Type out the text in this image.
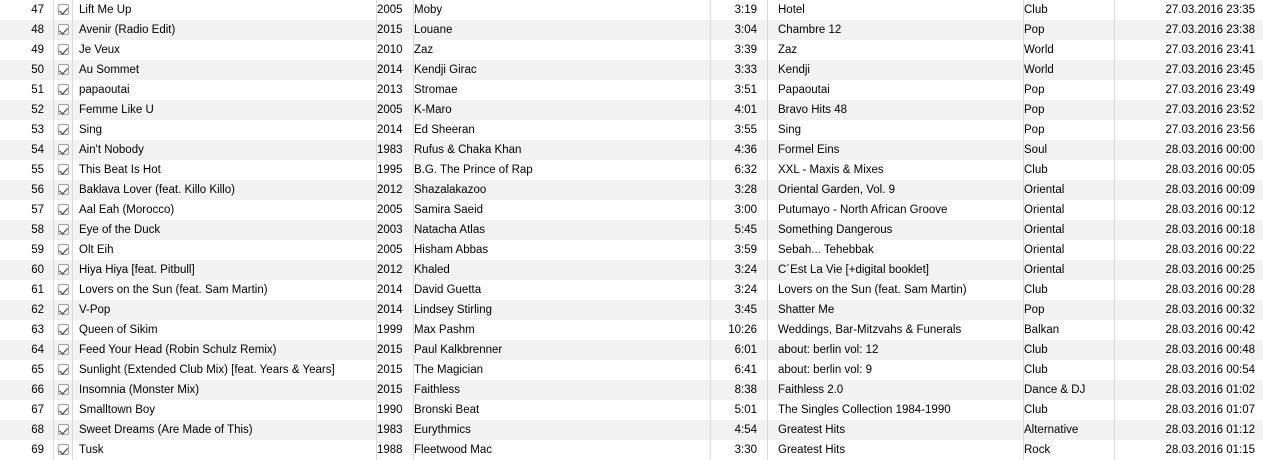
47		Lift Me Up	2005	Moby	3:19	Hotel	Club	27.03.2016 23:35
48		Avenir (Radio Edit)	2015	Louane	3:04	Chambre 12	Pop	27.03.2016 23:38
49		Je Veux	2010	Zaz	3:39	Zaz	World	27.03.2016 23:41
50		Au Sommet	2014	Kendji Girac	3:33	Kendji	World	27.03.2016 23:45
51		papaoutai	2013	Stromae	3:51	Papaoutai	Pop	27.03.2016 23:49
52		Femme Like U	2005	K-Maro	4:01	Bravo Hits 48	Pop	27.03.2016 23:52
53		Sing	2014	Ed Sheeran	3:55	Sing	Pop	27.03.2016 23:56
54		Ain't Nobody	1983	Rufus & Chaka Khan	4:36	Formel Eins	Soul	28.03.2016 00:00
55		This Beat Is Hot	1995	B.G. The Prince of Rap	6:32	XXL - Maxis & Mixes	Club	28.03.2016 00:05
56		Baklava Lover (feat. Killo Killo)	2012	Shazalakazoo	3:28	Oriental Garden, Vol. 9	Oriental	28.03.2016 00:09
57		Aal Eah (Morocco)	2005	Samira Saeid	3:00	Putumayo - North African Groove	Oriental	28.03.2016 00:12
58		Eye of the Duck	2003	Natacha Atlas	5:45	Something Dangerous	Oriental	28.03.2016 00:18
59		Olt Eih	2005	Hisham Abbas	3:59	Sebah... Tehebbak	Oriental	28.03.2016 00:22
60		Hiya Hiya [feat. Pitbull]	2012	Khaled	3:24	C´Est La Vie [+digital booklet]	Oriental	28.03.2016 00:25
61		Lovers on the Sun (feat. Sam Martin)	2014	David Guetta	3:24	Lovers on the Sun (feat. Sam Martin)	Club	28.03.2016 00:28
62		V-Pop	2014	Lindsey Stirling	3:45	Shatter Me	Pop	28.03.2016 00:32
63		Queen of Sikim	1999	Max Pashm	10:26	Weddings, Bar-Mitzvahs & Funerals	Balkan	28.03.2016 00:42
64		Feed Your Head (Robin Schulz Remix)	2015	Paul Kalkbrenner	6:01	about: berlin vol: 12	Club	28.03.2016 00:48
65		Sunlight (Extended Club Mix) [feat. Years & Years]	2015	The Magician	6:41	about: berlin vol: 9	Club	28.03.2016 00:54
66		Insomnia (Monster Mix)	2015	Faithless	8:38	Faithless 2.0	Dance & DJ	28.03.2016 01:02
67		Smalltown Boy	1990	Bronski Beat	5:01	The Singles Collection 1984-1990	Club	28.03.2016 01:07
68		Sweet Dreams (Are Made of This)	1983	Eurythmics	4:54	Greatest Hits	Alternative	28.03.2016 01:12
69		Tusk	1988	Fleetwood Mac	3:30	Greatest Hits	Rock	28.03.2016 01:15
